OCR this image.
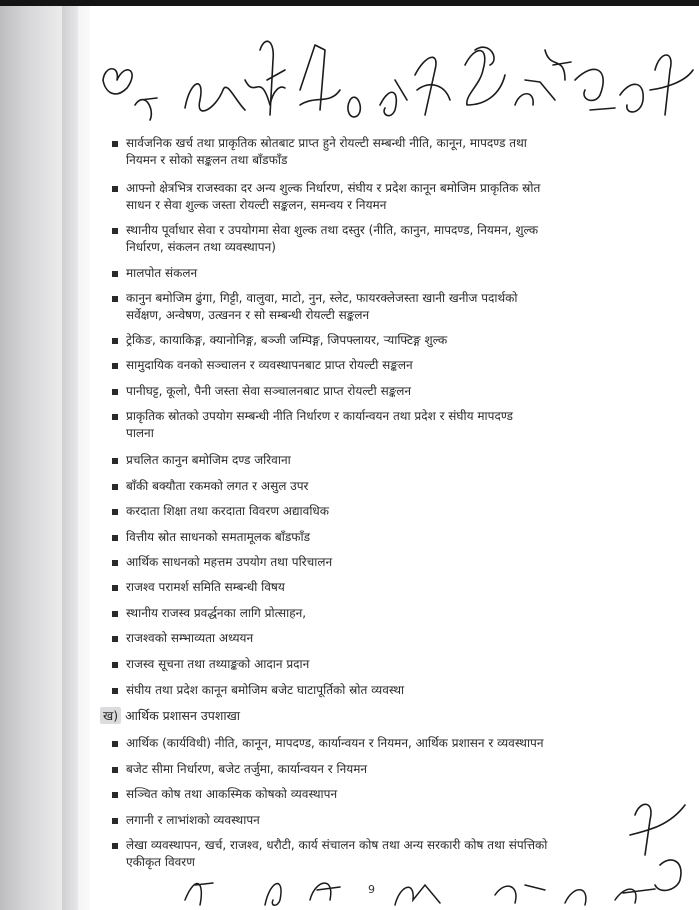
सार्वजनिक खर्च तथा प्राकृतिक स्रोतबाट प्राप्त हुने रोयल्टी सम्बन्धी नीति, कानून, मापदण्ड तथा
नियमन र सोको सङ्कलन तथा बाँडफाँड
आफ्नो क्षेत्रभित्र राजस्वका दर अन्य शुल्क निर्धारण, संघीय र प्रदेश कानून बमोजिम प्राकृतिक स्रोत
साधन र सेवा शुल्क जस्ता रोयल्टी सङ्कलन, समन्वय र नियमन
स्थानीय पूर्वाधार सेवा र उपयोगमा सेवा शुल्क तथा दस्तुर (नीति, कानुन, मापदण्ड, नियमन, शुल्क
निर्धारण, संकलन तथा व्यवस्थापन)
मालपोत संकलन
कानुन बमोजिम ढुंगा, गिट्टी, वालुवा, माटो, नुन, स्लेट, फायरक्लेजस्ता खानी खनीज पदार्थको
सर्वेक्षण, अन्वेषण, उत्खनन र सो सम्बन्धी रोयल्टी सङ्कलन
ट्रेकिङ, कायाकिङ्ग, क्यानोनिङ्ग, बञ्जी जम्पिङ्ग, जिपफ्लायर, ऱ्याफ्टिङ्ग शुल्क
सामुदायिक वनको सञ्चालन र व्यवस्थापनबाट प्राप्त रोयल्टी सङ्कलन
पानीघट्ट, कूलो, पैनी जस्ता सेवा सञ्चालनबाट प्राप्त रोयल्टी सङ्कलन
प्राकृतिक स्रोतको उपयोग सम्बन्धी नीति निर्धारण र कार्यान्वयन तथा प्रदेश र संघीय मापदण्ड
पालना
प्रचलित कानुन बमोजिम दण्ड जरिवाना
बाँकी बक्यौता रकमको लगत र असुल उपर
करदाता शिक्षा तथा करदाता विवरण अद्यावधिक
वित्तीय स्रोत साधनको समतामूलक बाँडफाँड
आर्थिक साधनको महत्तम उपयोग तथा परिचालन
राजश्व परामर्श समिति सम्बन्धी विषय
स्थानीय राजस्व प्रवर्द्धनका लागि प्रोत्साहन,
राजश्वको सम्भाव्यता अध्ययन
राजस्व सूचना तथा तथ्याङ्कको आदान प्रदान
संघीय तथा प्रदेश कानून बमोजिम बजेट घाटापूर्तिको स्रोत व्यवस्था
ख) आर्थिक प्रशासन उपशाखा
आर्थिक (कार्यविधी) नीति, कानून, मापदण्ड, कार्यान्वयन र नियमन, आर्थिक प्रशासन र व्यवस्थापन
बजेट सीमा निर्धारण, बजेट तर्जुमा, कार्यान्वयन र नियमन
सञ्चित कोष तथा आकस्मिक कोषको व्यवस्थापन
लगानी र लाभांशको व्यवस्थापन
लेखा व्यवस्थापन, खर्च, राजश्व, धरौटी, कार्य संचालन कोष तथा अन्य सरकारी कोष तथा संपत्तिको
एकीकृत विवरण
9
